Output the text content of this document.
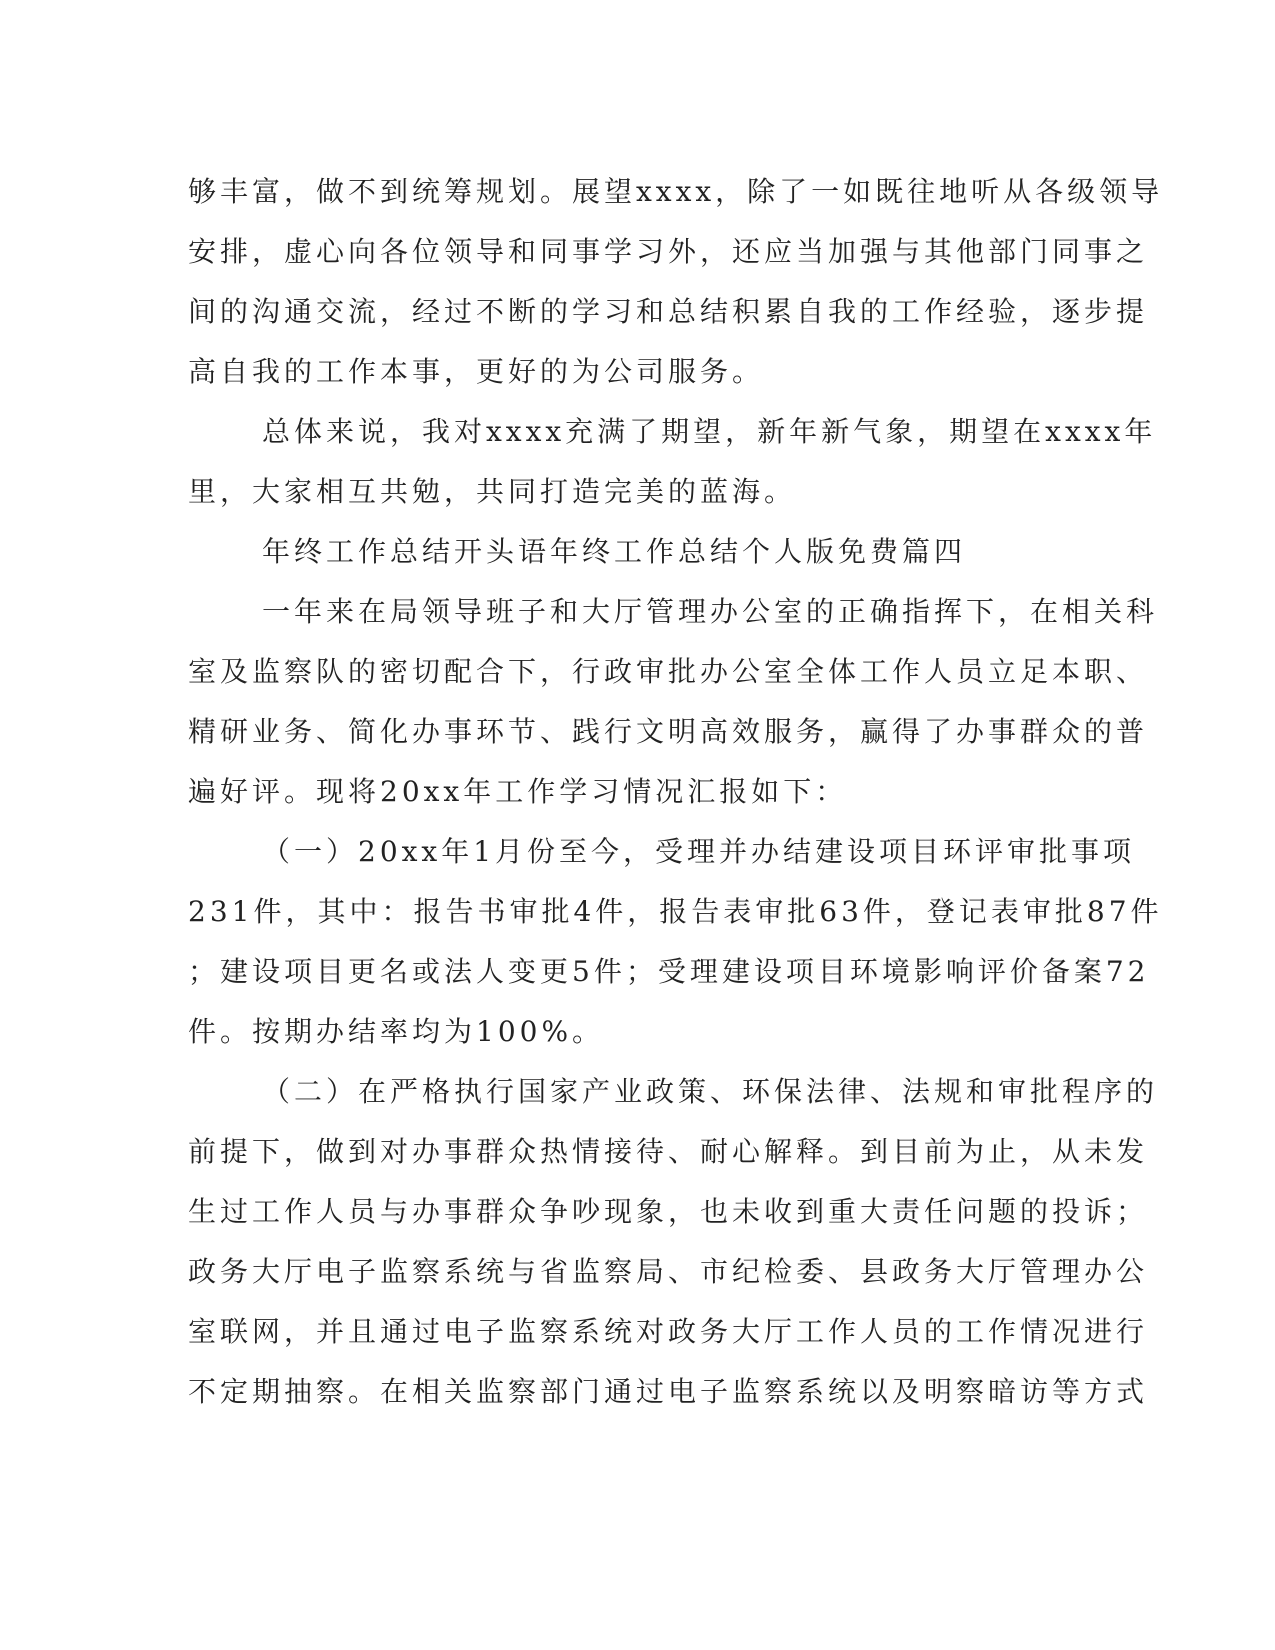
够丰富，做不到统筹规划。展望xxxx，除了一如既往地听从各级领导
安排，虚心向各位领导和同事学习外，还应当加强与其他部门同事之
间的沟通交流，经过不断的学习和总结积累自我的工作经验，逐步提
高自我的工作本事，更好的为公司服务。
总体来说，我对xxxx充满了期望，新年新气象，期望在xxxx年
里，大家相互共勉，共同打造完美的蓝海。
年终工作总结开头语年终工作总结个人版免费篇四
一年来在局领导班子和大厅管理办公室的正确指挥下，在相关科
室及监察队的密切配合下，行政审批办公室全体工作人员立足本职、
精研业务、简化办事环节、践行文明高效服务，赢得了办事群众的普
遍好评。现将20xx年工作学习情况汇报如下：
（一）20xx年1月份至今，受理并办结建设项目环评审批事项
231件，其中：报告书审批4件，报告表审批63件，登记表审批87件
；建设项目更名或法人变更5件；受理建设项目环境影响评价备案72
件。按期办结率均为100%。
（二）在严格执行国家产业政策、环保法律、法规和审批程序的
前提下，做到对办事群众热情接待、耐心解释。到目前为止，从未发
生过工作人员与办事群众争吵现象，也未收到重大责任问题的投诉；
政务大厅电子监察系统与省监察局、市纪检委、县政务大厅管理办公
室联网，并且通过电子监察系统对政务大厅工作人员的工作情况进行
不定期抽察。在相关监察部门通过电子监察系统以及明察暗访等方式
